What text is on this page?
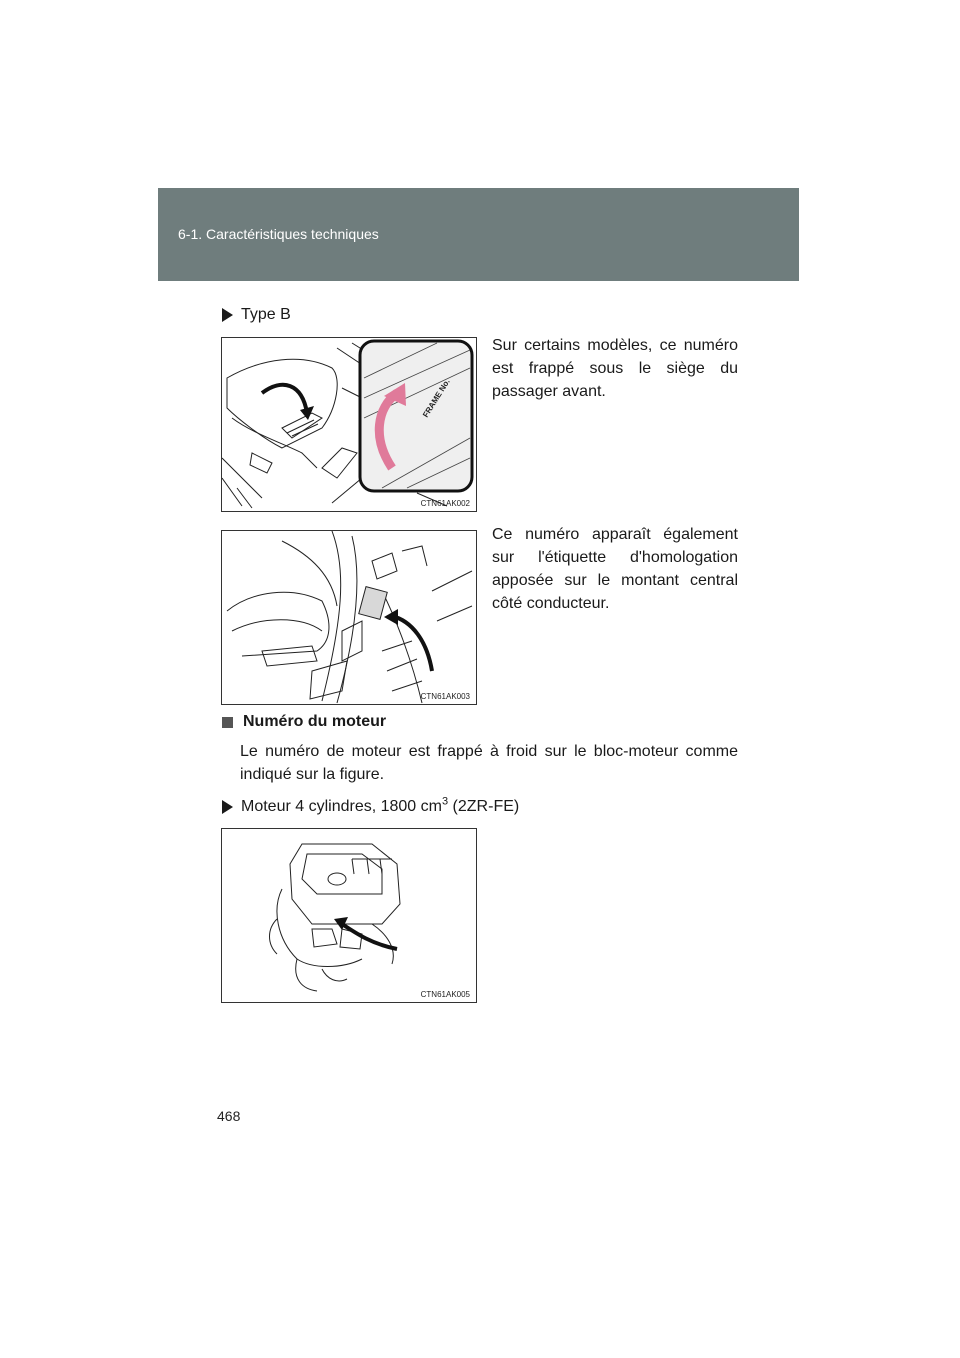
6-1. Caractéristiques techniques
Type B
FRAME No.
CTN61AK002
Sur certains modèles, ce numéro est frappé sous le siège du passager avant.
CTN61AK003
Ce numéro apparaît également sur l'étiquette d'homologation apposée sur le montant central côté conducteur.
Numéro du moteur
Le numéro de moteur est frappé à froid sur le bloc-moteur comme indiqué sur la figure.
Moteur 4 cylindres, 1800 $cm^3$ (2ZR-FE)
CTN61AK005
468
